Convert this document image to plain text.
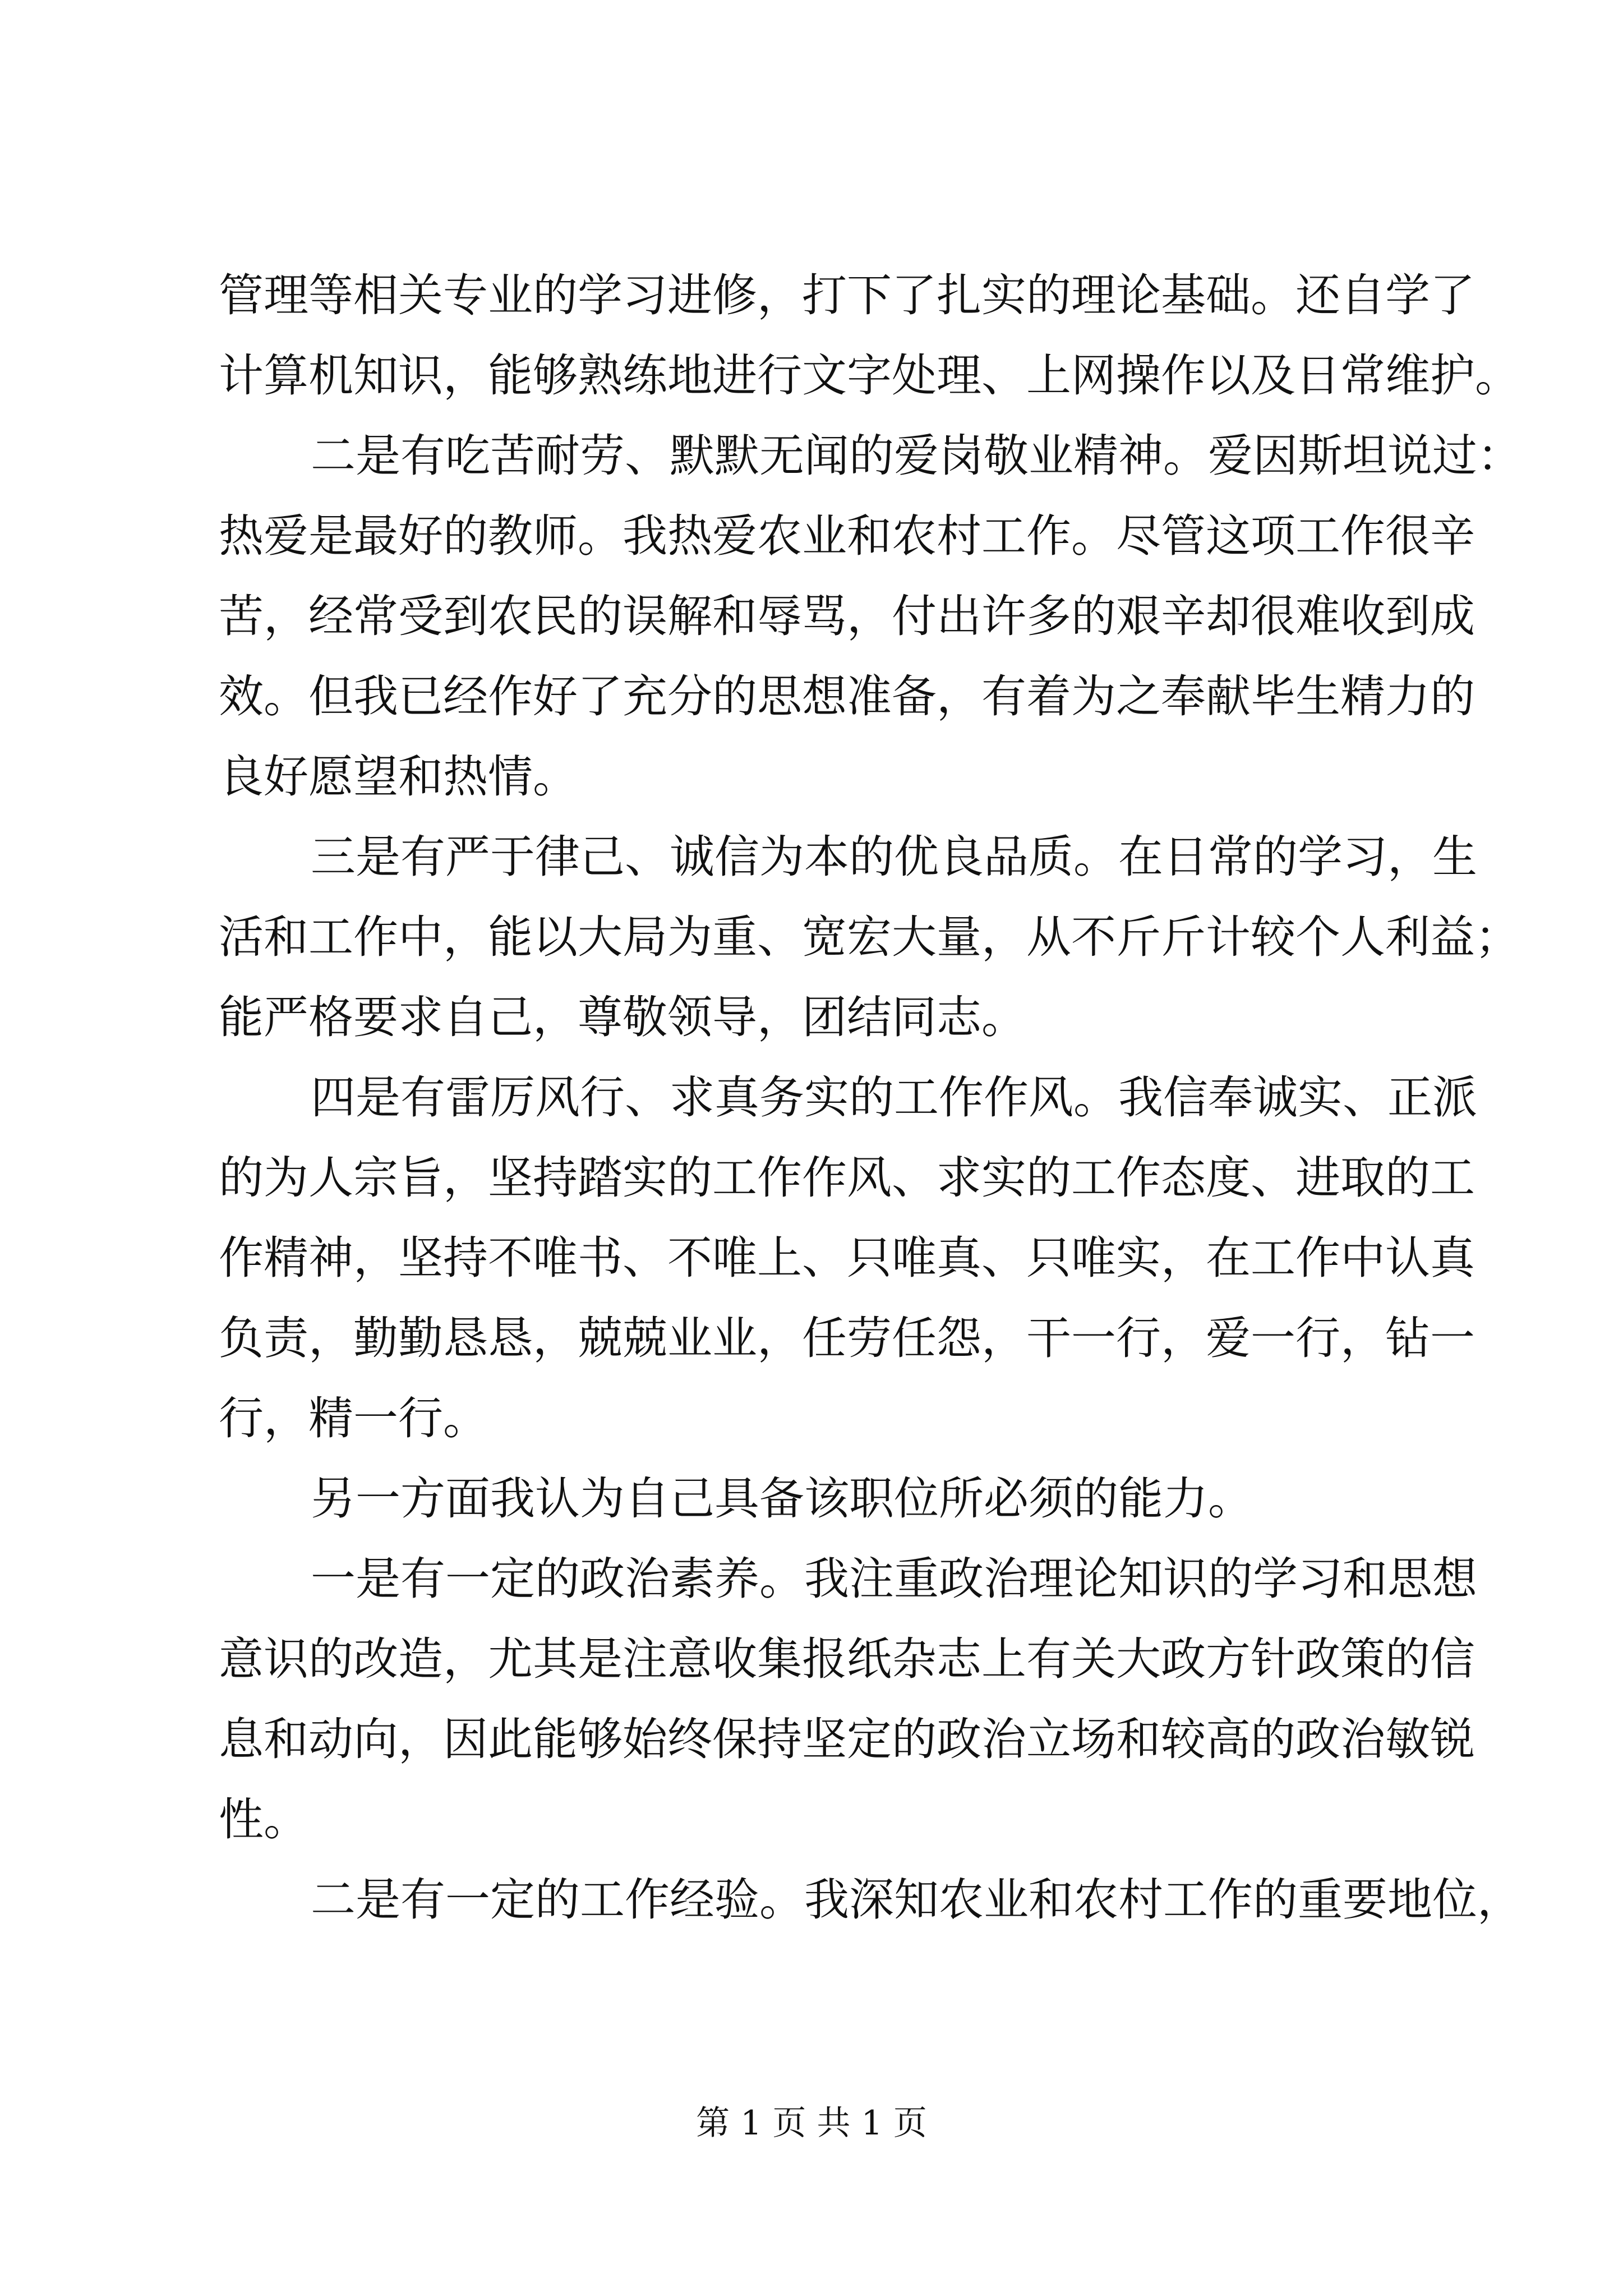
管理等相关专业的学习进修，打下了扎实的理论基础。还自学了
计算机知识，能够熟练地进行文字处理、上网操作以及日常维护。
二是有吃苦耐劳、默默无闻的爱岗敬业精神。爱因斯坦说过：
热爱是最好的教师。我热爱农业和农村工作。尽管这项工作很辛
苦，经常受到农民的误解和辱骂，付出许多的艰辛却很难收到成
效。但我已经作好了充分的思想准备，有着为之奉献毕生精力的
良好愿望和热情。
三是有严于律己、诚信为本的优良品质。在日常的学习，生
活和工作中，能以大局为重、宽宏大量，从不斤斤计较个人利益；
能严格要求自己，尊敬领导，团结同志。
四是有雷厉风行、求真务实的工作作风。我信奉诚实、正派
的为人宗旨，坚持踏实的工作作风、求实的工作态度、进取的工
作精神，坚持不唯书、不唯上、只唯真、只唯实，在工作中认真
负责，勤勤恳恳，兢兢业业，任劳任怨，干一行，爱一行，钻一
行，精一行。
另一方面我认为自己具备该职位所必须的能力。
一是有一定的政治素养。我注重政治理论知识的学习和思想
意识的改造，尤其是注意收集报纸杂志上有关大政方针政策的信
息和动向，因此能够始终保持坚定的政治立场和较高的政治敏锐
性。
二是有一定的工作经验。我深知农业和农村工作的重要地位，
第 1 页 共 1 页
